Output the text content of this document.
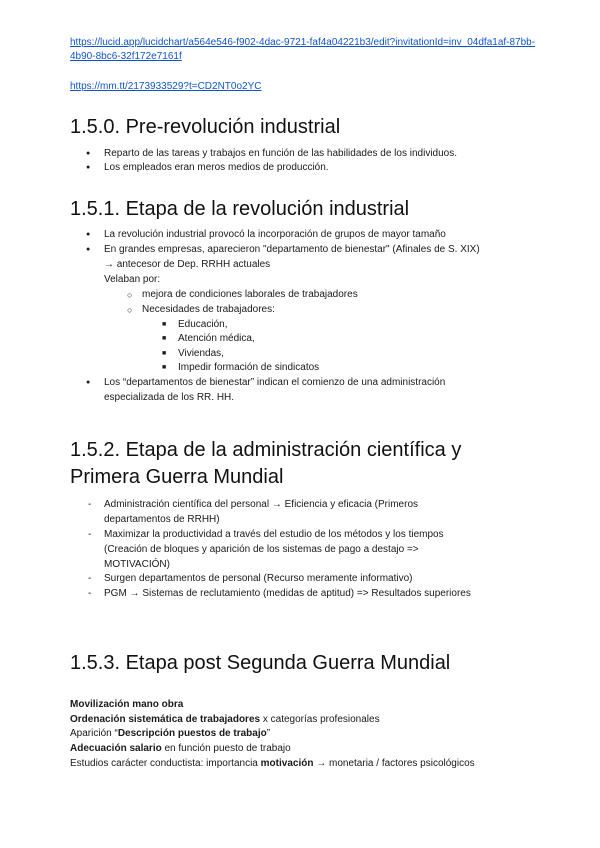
https://lucid.app/lucidchart/a564e546-f902-4dac-9721-faf4a04221b3/edit?invitationId=inv_04dfa1af-87bb-4b90-8bc6-32f172e7161f
https://mm.tt/2173933529?t=CD2NT0o2YC
1.5.0. Pre-revolución industrial
● Reparto de las tareas y trabajos en función de las habilidades de los individuos.
● Los empleados eran meros medios de producción.
1.5.1. Etapa de la revolución industrial
● La revolución industrial provocó la incorporación de grupos de mayor tamaño
● En grandes empresas, aparecieron "departamento de bienestar" (Afinales de S. XIX)
→ antecesor de Dep. RRHH actuales
Velaban por:
○ mejora de condiciones laborales de trabajadores
○ Necesidades de trabajadores:
■ Educación,
■ Atención médica,
■ Viviendas,
■ Impedir formación de sindicatos
● Los “departamentos de bienestar” indican el comienzo de una administración
especializada de los RR. HH.
1.5.2. Etapa de la administración científica y
Primera Guerra Mundial
- Administración científica del personal → Eficiencia y eficacia (Primeros
departamentos de RRHH)
- Maximizar la productividad a través del estudio de los métodos y los tiempos
(Creación de bloques y aparición de los sistemas de pago a destajo =>
MOTIVACIÓN)
- Surgen departamentos de personal (Recurso meramente informativo)
- PGM → Sistemas de reclutamiento (medidas de aptitud) => Resultados superiores
1.5.3. Etapa post Segunda Guerra Mundial
Movilización mano obra
Ordenación sistemática de trabajadores x categorías profesionales
Aparición “Descripción puestos de trabajo”
Adecuación salario en función puesto de trabajo
Estudios carácter conductista: importancia motivación → monetaria / factores psicológicos
